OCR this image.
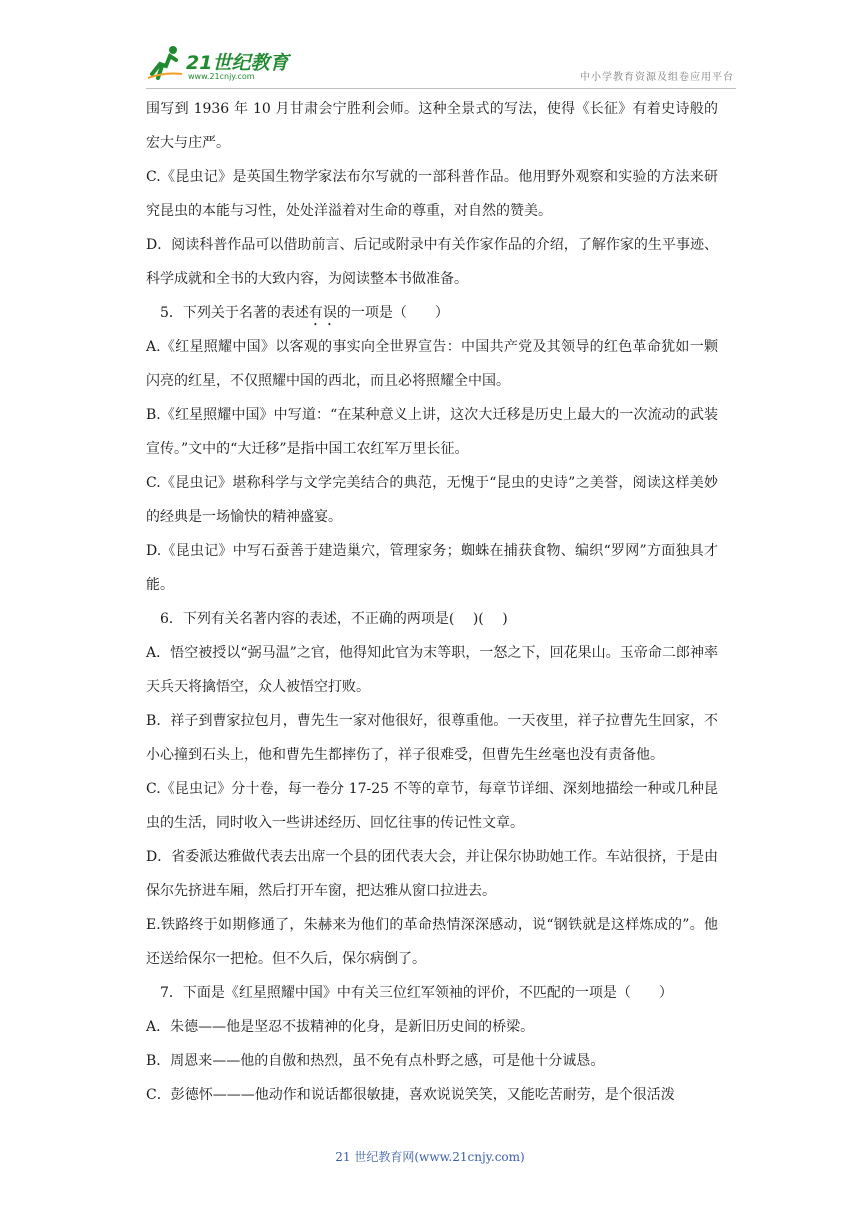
21世纪教育
www.21cnjy.com	中小学教育资源及组卷应用平台

围写到 1936 年 10 月甘肃会宁胜利会师。这种全景式的写法，使得《长征》有着史诗般的宏大与庄严。

C.《昆虫记》是英国生物学家法布尔写就的一部科普作品。他用野外观察和实验的方法来研究昆虫的本能与习性，处处洋溢着对生命的尊重，对自然的赞美。

D．阅读科普作品可以借助前言、后记或附录中有关作家作品的介绍，了解作家的生平事迹、科学成就和全书的大致内容，为阅读整本书做准备。

5．下列关于名著的表述有误的一项是（　　）

A.《红星照耀中国》以客观的事实向全世界宣告：中国共产党及其领导的红色革命犹如一颗闪亮的红星，不仅照耀中国的西北，而且必将照耀全中国。

B.《红星照耀中国》中写道：“在某种意义上讲，这次大迁移是历史上最大的一次流动的武装宣传。”文中的“大迁移”是指中国工农红军万里长征。

C.《昆虫记》堪称科学与文学完美结合的典范，无愧于“昆虫的史诗”之美誉，阅读这样美妙的经典是一场愉快的精神盛宴。

D.《昆虫记》中写石蚕善于建造巢穴，管理家务；蜘蛛在捕获食物、编织“罗网”方面独具才能。

6．下列有关名著内容的表述，不正确的两项是(　 )(　 )

A．悟空被授以“弼马温”之官，他得知此官为末等职，一怒之下，回花果山。玉帝命二郎神率天兵天将擒悟空，众人被悟空打败。

B．祥子到曹家拉包月，曹先生一家对他很好，很尊重他。一天夜里，祥子拉曹先生回家，不小心撞到石头上，他和曹先生都摔伤了，祥子很难受，但曹先生丝毫也没有责备他。

C.《昆虫记》分十卷，每一卷分 17-25 不等的章节，每章节详细、深刻地描绘一种或几种昆虫的生活，同时收入一些讲述经历、回忆往事的传记性文章。

D．省委派达雅做代表去出席一个县的团代表大会，并让保尔协助她工作。车站很挤，于是由保尔先挤进车厢，然后打开车窗，把达雅从窗口拉进去。

E.铁路终于如期修通了，朱赫来为他们的革命热情深深感动，说“钢铁就是这样炼成的”。他还送给保尔一把枪。但不久后，保尔病倒了。

7．下面是《红星照耀中国》中有关三位红军领袖的评价，不匹配的一项是（　　）

A．朱德——他是坚忍不拔精神的化身，是新旧历史间的桥梁。

B．周恩来——他的自傲和热烈，虽不免有点朴野之感，可是他十分诚恳。

C．彭德怀———他动作和说话都很敏捷，喜欢说说笑笑，又能吃苦耐劳，是个很活泼

21 世纪教育网(www.21cnjy.com)
